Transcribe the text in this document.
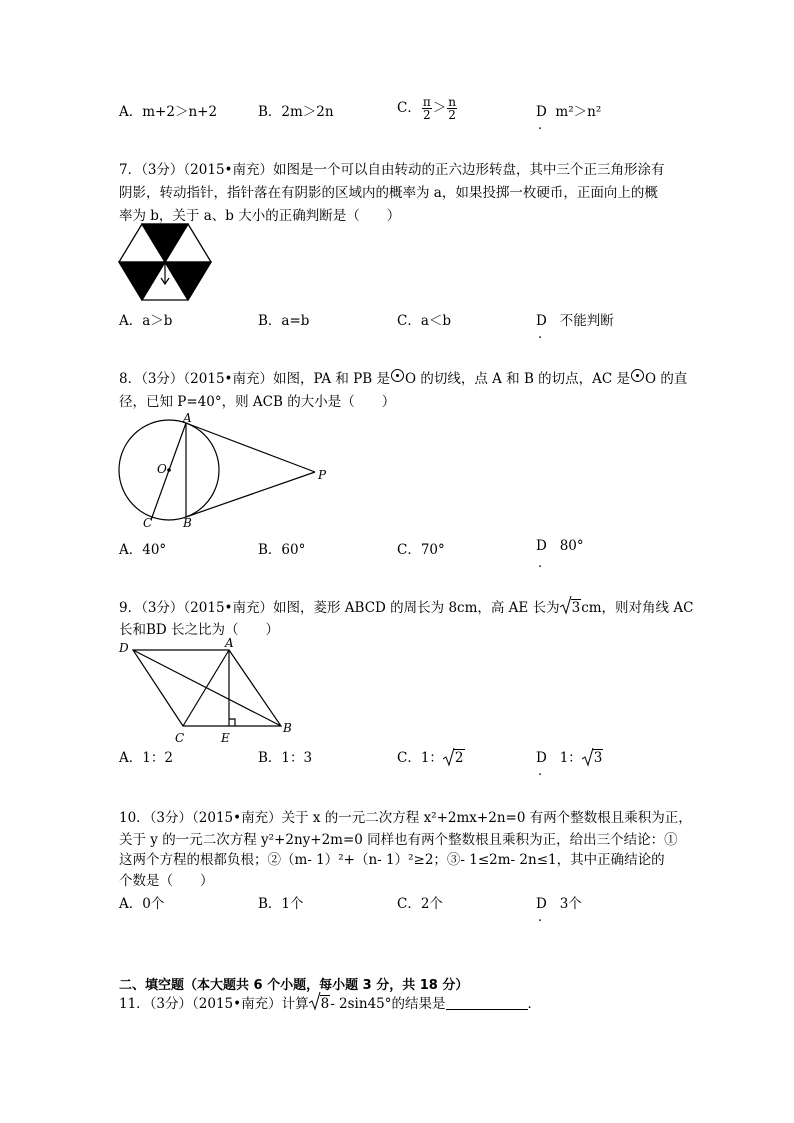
A．m+2＞n+2	B．2m＞2n	C． $\frac{\pi}{2} > \frac{n}{2}$	D m²＞n²
.
7．（3分）（2015•南充）如图是一个可以自由转动的正六边形转盘，其中三个正三角形涂有
阴影，转动指针，指针落在有阴影的区域内的概率为 a，如果投掷一枚硬币，正面向上的概
率为 b，关于 a、b 大小的正确判断是（　　）
A．a＞b	B．a=b	C．a＜b	D 不能判断
.
8．（3分）（2015•南充）如图，PA 和 PB 是 O 的切线，点 A 和 B 的切点，AC 是 O 的直
径，已知 P=40°，则 ACB 的大小是（　　）
A
B
C
O	P
A．40°	B．60°	C．70°	D 80°
.
9．（3分）（2015•南充）如图，菱形 ABCD 的周长为 8cm，高 AE 长为 3cm，则对角线 AC
长和BD 长之比为（　　）
D	A
B
C	E
A．1：2	B．1：3	C．1： 2	D 1： 3
.
10．（3分）（2015•南充）关于 x 的一元二次方程 x²+2mx+2n=0 有两个整数根且乘积为正，
关于 y 的一元二次方程 y²+2ny+2m=0 同样也有两个整数根且乘积为正，给出三个结论：①
这两个方程的根都负根；②（m- 1）²+（n- 1）²≥2；③- 1≤2m- 2n≤1，其中正确结论的
个数是（　　）
A．0个	B．1个	C．2个	D 3个
.
二、填空题（本大题共 6 个小题，每小题 3 分，共 18 分）
11．（3分）（2015•南充）计算 8- 2sin45°的结果是	．
